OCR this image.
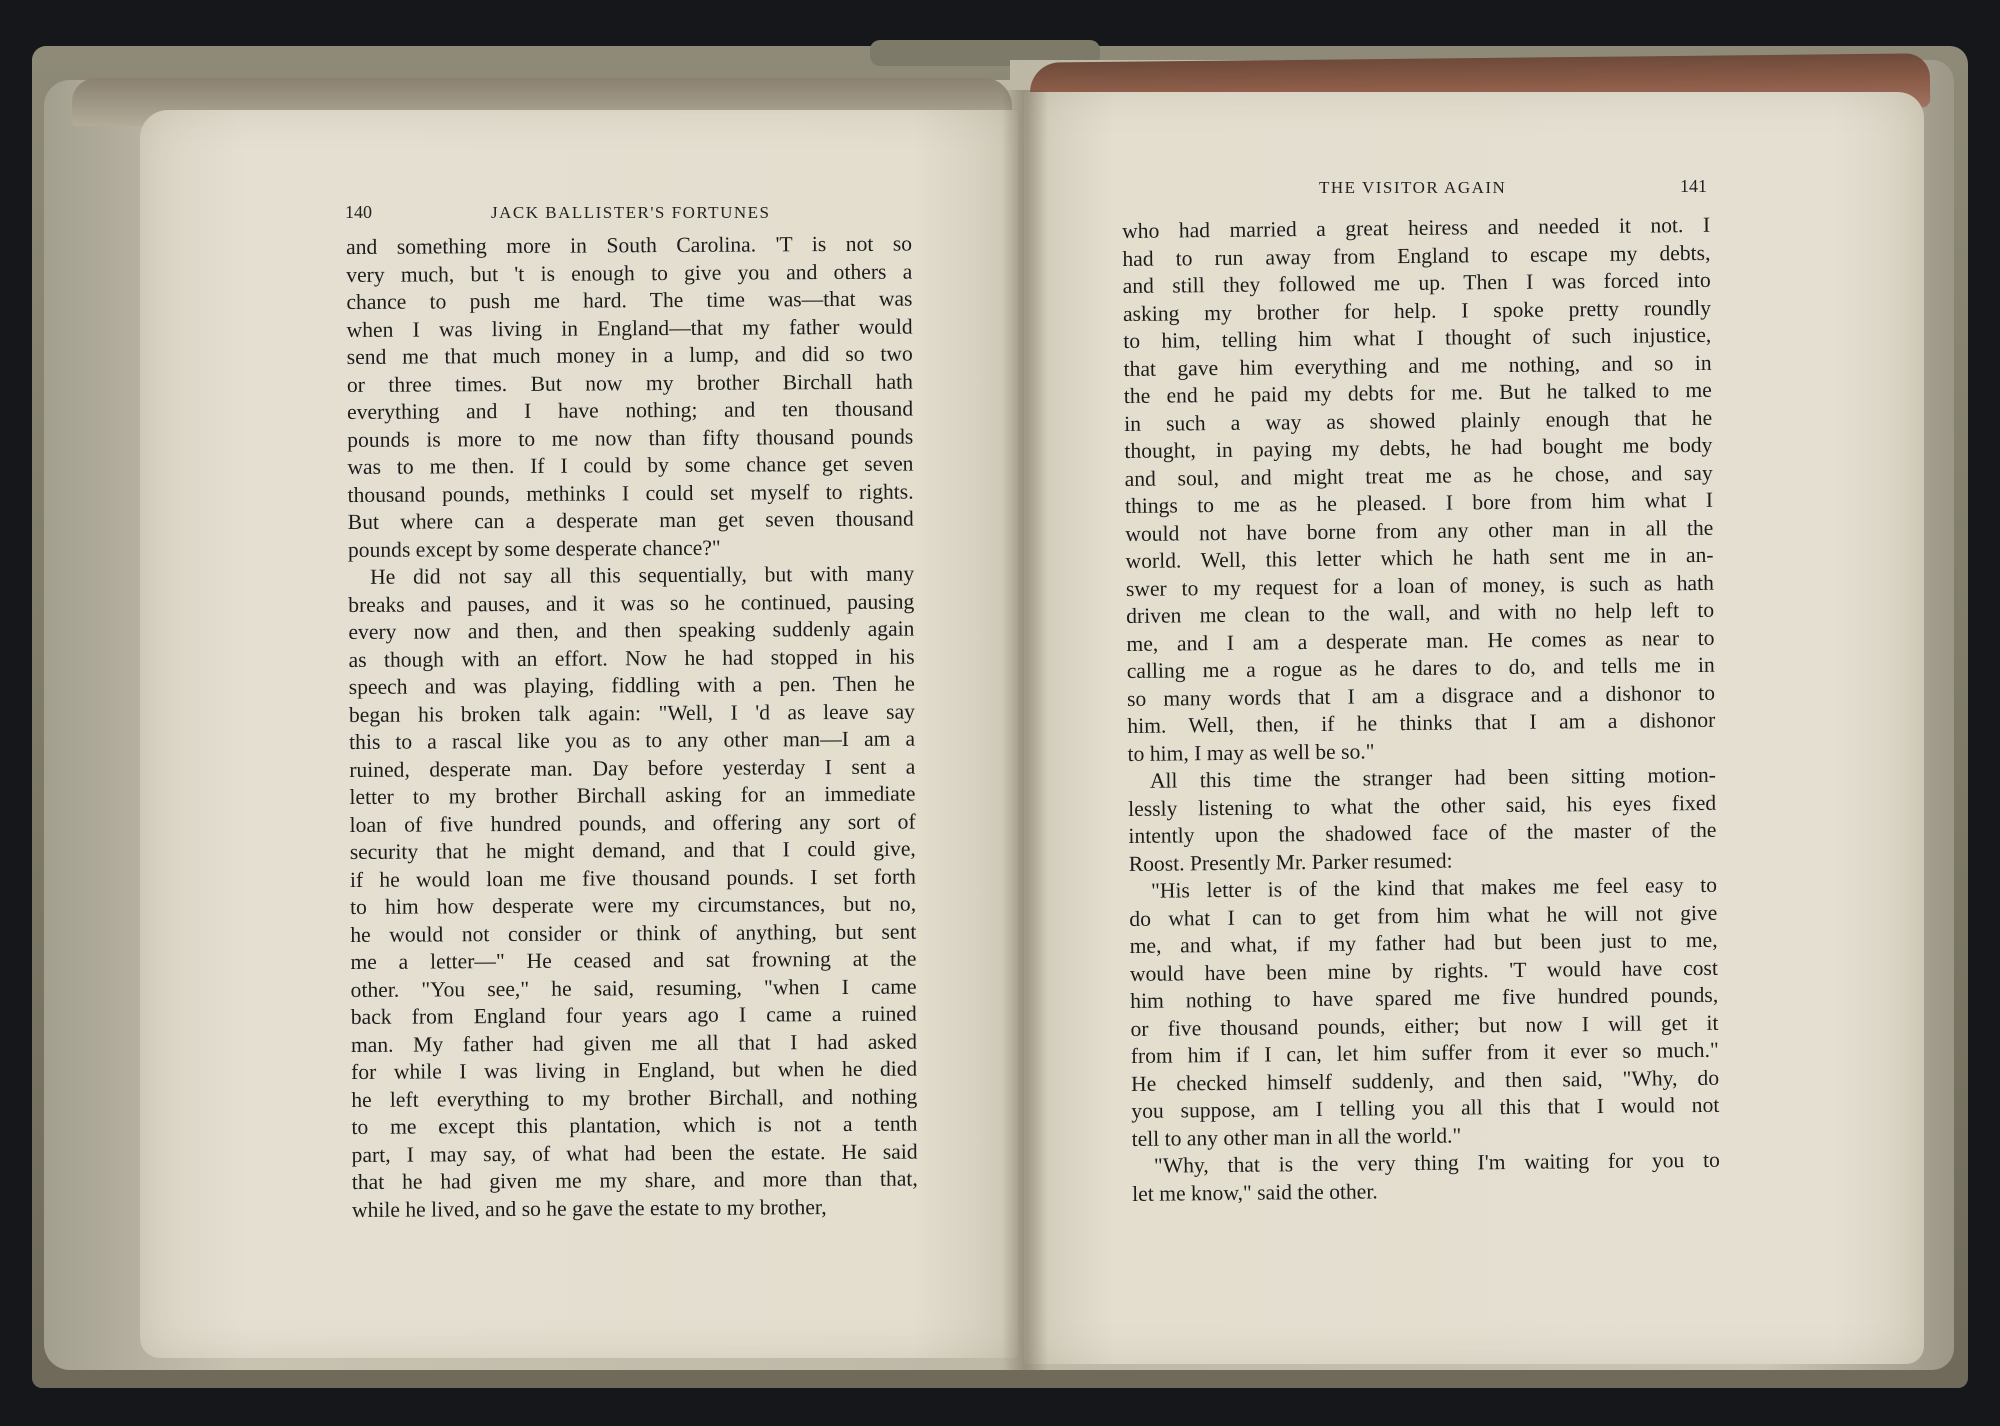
140	JACK BALLISTER'S FORTUNES
and something more in South Carolina. 'T is not so
very much, but 't is enough to give you and others a
chance to push me hard. The time was—that was
when I was living in England—that my father would
send me that much money in a lump, and did so two
or three times. But now my brother Birchall hath
everything and I have nothing; and ten thousand
pounds is more to me now than fifty thousand pounds
was to me then. If I could by some chance get seven
thousand pounds, methinks I could set myself to rights.
But where can a desperate man get seven thousand
pounds except by some desperate chance?"
He did not say all this sequentially, but with many
breaks and pauses, and it was so he continued, pausing
every now and then, and then speaking suddenly again
as though with an effort. Now he had stopped in his
speech and was playing, fiddling with a pen. Then he
began his broken talk again: "Well, I 'd as leave say
this to a rascal like you as to any other man—I am a
ruined, desperate man. Day before yesterday I sent a
letter to my brother Birchall asking for an immediate
loan of five hundred pounds, and offering any sort of
security that he might demand, and that I could give,
if he would loan me five thousand pounds. I set forth
to him how desperate were my circumstances, but no,
he would not consider or think of anything, but sent
me a letter—" He ceased and sat frowning at the
other. "You see," he said, resuming, "when I came
back from England four years ago I came a ruined
man. My father had given me all that I had asked
for while I was living in England, but when he died
he left everything to my brother Birchall, and nothing
to me except this plantation, which is not a tenth
part, I may say, of what had been the estate. He said
that he had given me my share, and more than that,
while he lived, and so he gave the estate to my brother,
THE VISITOR AGAIN	141
who had married a great heiress and needed it not. I
had to run away from England to escape my debts,
and still they followed me up. Then I was forced into
asking my brother for help. I spoke pretty roundly
to him, telling him what I thought of such injustice,
that gave him everything and me nothing, and so in
the end he paid my debts for me. But he talked to me
in such a way as showed plainly enough that he
thought, in paying my debts, he had bought me body
and soul, and might treat me as he chose, and say
things to me as he pleased. I bore from him what I
would not have borne from any other man in all the
world. Well, this letter which he hath sent me in an-
swer to my request for a loan of money, is such as hath
driven me clean to the wall, and with no help left to
me, and I am a desperate man. He comes as near to
calling me a rogue as he dares to do, and tells me in
so many words that I am a disgrace and a dishonor to
him. Well, then, if he thinks that I am a dishonor
to him, I may as well be so."
All this time the stranger had been sitting motion-
lessly listening to what the other said, his eyes fixed
intently upon the shadowed face of the master of the
Roost. Presently Mr. Parker resumed:
"His letter is of the kind that makes me feel easy to
do what I can to get from him what he will not give
me, and what, if my father had but been just to me,
would have been mine by rights. 'T would have cost
him nothing to have spared me five hundred pounds,
or five thousand pounds, either; but now I will get it
from him if I can, let him suffer from it ever so much."
He checked himself suddenly, and then said, "Why, do
you suppose, am I telling you all this that I would not
tell to any other man in all the world."
"Why, that is the very thing I'm waiting for you to
let me know," said the other.
